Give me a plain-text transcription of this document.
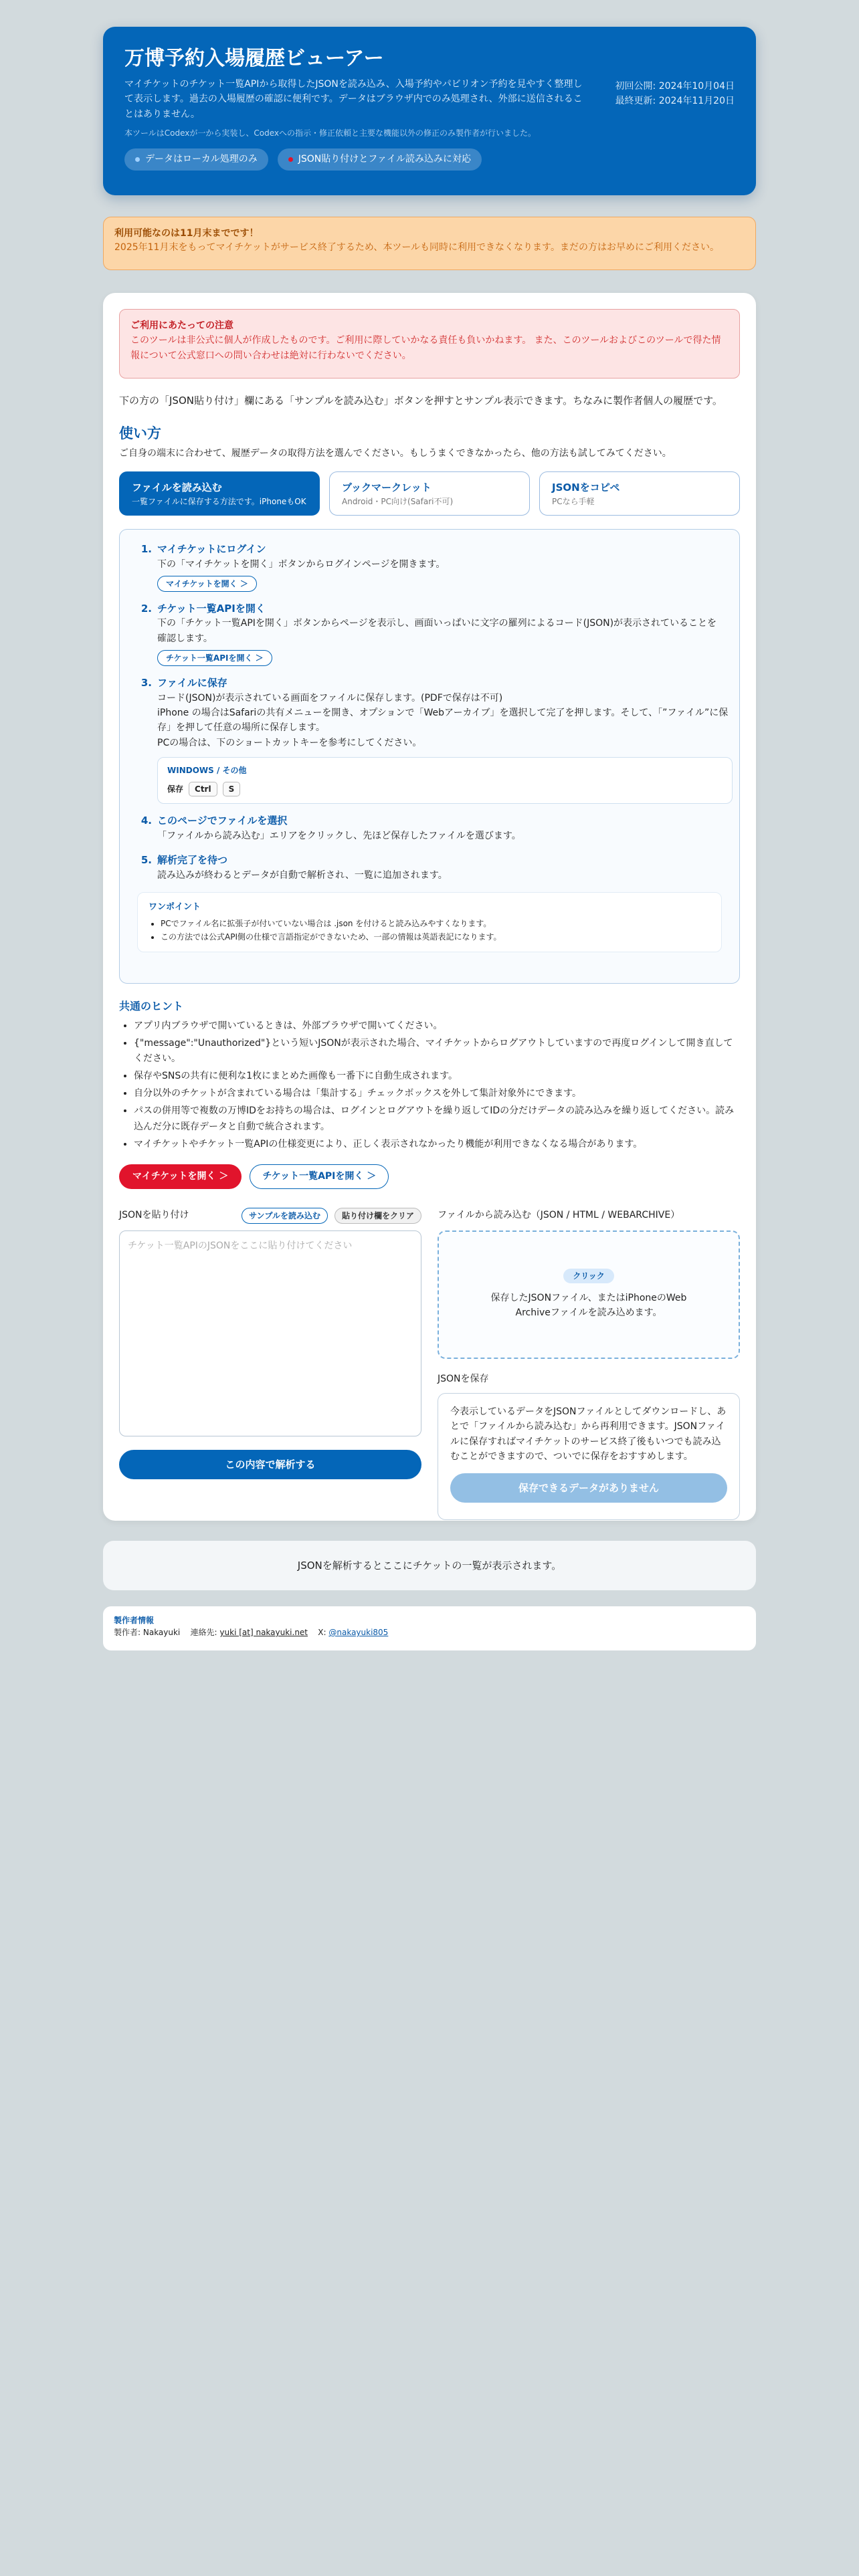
万博予約入場履歴ビューアー
マイチケットのチケット一覧APIから取得したJSONを読み込み、入場予約やパビリオン予約を見やすく整理して表示します。過去の入場履歴の確認に便利です。データはブラウザ内でのみ処理され、外部に送信されることはありません。
本ツールはCodexが一から実装し、Codexへの指示・修正依頼と主要な機能以外の修正のみ製作者が行いました。
初回公開: 2024年10月04日
最終更新: 2024年11月20日
データはローカル処理のみ	JSON貼り付けとファイル読み込みに対応
利用可能なのは11月末までです！
2025年11月末をもってマイチケットがサービス終了するため、本ツールも同時に利用できなくなります。まだの方はお早めにご利用ください。
ご利用にあたっての注意
このツールは非公式に個人が作成したものです。ご利用に際していかなる責任も負いかねます。 また、このツールおよびこのツールで得た情報について公式窓口への問い合わせは絶対に行わないでください。
下の方の「JSON貼り付け」欄にある「サンプルを読み込む」ボタンを押すとサンプル表示できます。ちなみに製作者個人の履歴です。
使い方
ご自身の端末に合わせて、履歴データの取得方法を選んでください。もしうまくできなかったら、他の方法も試してみてください。
ファイルを読み込む
一覧ファイルに保存する方法です。iPhoneもOK
ブックマークレット
Android・PC向け(Safari不可)
JSONをコピペ
PCなら手軽
1. マイチケットにログイン
下の「マイチケットを開く」ボタンからログインページを開きます。
マイチケットを開く ＞
2. チケット一覧APIを開く
下の「チケット一覧APIを開く」ボタンからページを表示し、画面いっぱいに文字の羅列によるコード(JSON)が表示されていることを確認します。
チケット一覧APIを開く ＞
3. ファイルに保存
コード(JSON)が表示されている画面をファイルに保存します。(PDFで保存は不可)
iPhone の場合はSafariの共有メニューを開き、オプションで「Webアーカイブ」を選択して完了を押します。そして、「”ファイル”に保存」を押して任意の場所に保存します。
PCの場合は、下のショートカットキーを参考にしてください。
WINDOWS / その他
保存	Ctrl	S
4. このページでファイルを選択
「ファイルから読み込む」エリアをクリックし、先ほど保存したファイルを選びます。
5. 解析完了を待つ
読み込みが終わるとデータが自動で解析され、一覧に追加されます。
ワンポイント
• PCでファイル名に拡張子が付いていない場合は .json を付けると読み込みやすくなります。
• この方法では公式API側の仕様で言語指定ができないため、一部の情報は英語表記になります。
共通のヒント
• アプリ内ブラウザで開いているときは、外部ブラウザで開いてください。
• {"message":"Unauthorized"}という短いJSONが表示された場合、マイチケットからログアウトしていますので再度ログインして開き直してください。
• 保存やSNSの共有に便利な1枚にまとめた画像も一番下に自動生成されます。
• 自分以外のチケットが含まれている場合は「集計する」チェックボックスを外して集計対象外にできます。
• パスの併用等で複数の万博IDをお持ちの場合は、ログインとログアウトを繰り返してIDの分だけデータの読み込みを繰り返してください。読み込んだ分に既存データと自動で統合されます。
• マイチケットやチケット一覧APIの仕様変更により、正しく表示されなかったり機能が利用できなくなる場合があります。
マイチケットを開く ＞	チケット一覧APIを開く ＞
JSONを貼り付け	サンプルを読み込む	貼り付け欄をクリア
チケット一覧APIのJSONをここに貼り付けてください
この内容で解析する
ファイルから読み込む（JSON / HTML / WEBARCHIVE）
クリック
保存したJSONファイル、またはiPhoneのWeb Archiveファイルを読み込めます。
JSONを保存
今表示しているデータをJSONファイルとしてダウンロードし、あとで「ファイルから読み込む」から再利用できます。JSONファイルに保存すればマイチケットのサービス終了後もいつでも読み込むことができますので、ついでに保存をおすすめします。
保存できるデータがありません
JSONを解析するとここにチケットの一覧が表示されます。
製作者情報
製作者: Nakayuki 連絡先: yuki [at] nakayuki.net X: @nakayuki805
